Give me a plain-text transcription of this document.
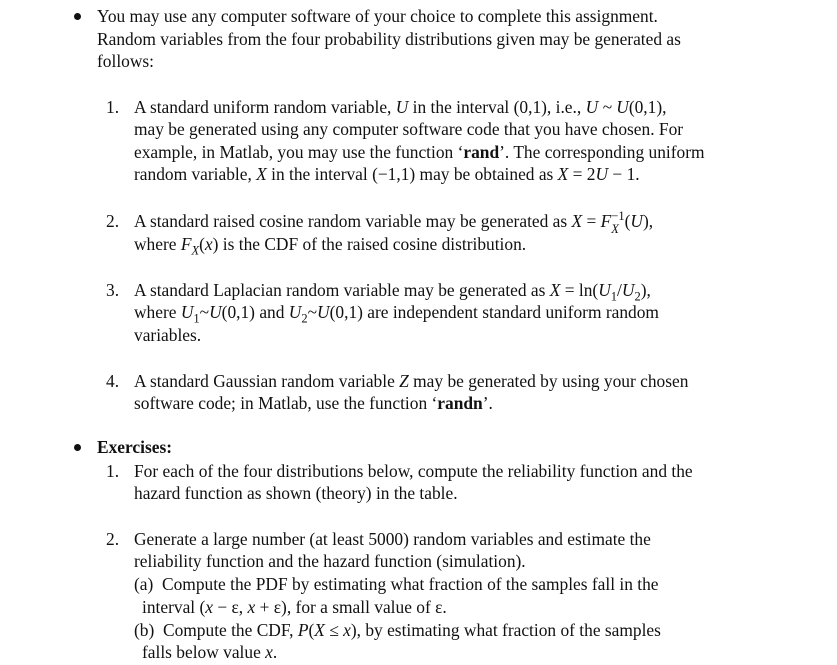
You may use any computer software of your choice to complete this assignment.
Random variables from the four probability distributions given may be generated as
follows:
1. A standard uniform random variable, U in the interval (0,1), i.e., U ~ U(0,1),
may be generated using any computer software code that you have chosen. For
example, in Matlab, you may use the function ‘rand’. The corresponding uniform
random variable, X in the interval (−1,1) may be obtained as X = 2U − 1.
2. A standard raised cosine random variable may be generated as X = F −1
X (U),
where $F_X(x)$ is the CDF of the raised cosine distribution.
3. A standard Laplacian random variable may be generated as $X = \ln(U_1/U_2)$,
where $U_1\sim U(0,1)$ and $U_2\sim U(0,1)$ are independent standard uniform random
variables.
4. A standard Gaussian random variable Z may be generated by using your chosen
software code; in Matlab, use the function ‘randn’.
Exercises:
1. For each of the four distributions below, compute the reliability function and the
hazard function as shown (theory) in the table.
2. Generate a large number (at least 5000) random variables and estimate the
reliability function and the hazard function (simulation).
(a) Compute the PDF by estimating what fraction of the samples fall in the
interval (x − ε, x + ε), for a small value of ε.
(b) Compute the CDF, P(X ≤ x), by estimating what fraction of the samples
falls below value x.
